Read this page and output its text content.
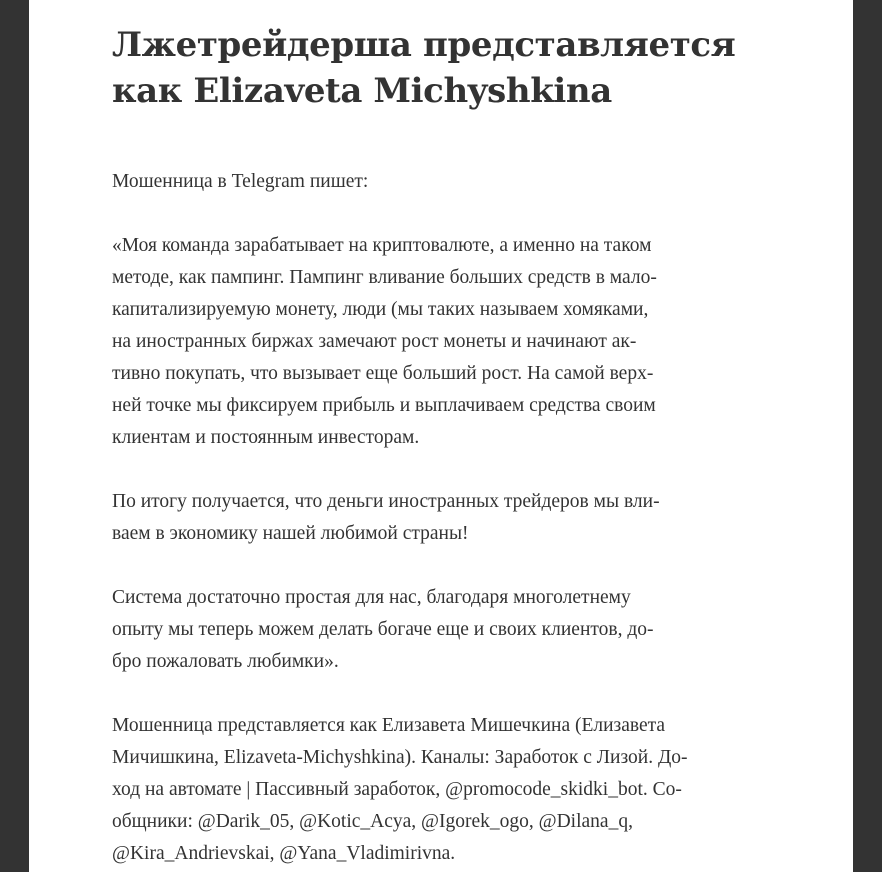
Лжетрейдерша представляется как Elizaveta Michyshkina

Мошенница в Telegram пишет:

«Моя команда зарабатывает на криптовалюте, а именно на таком
методе, как пампинг. Пампинг вливание больших средств в мало-
капитализируемую монету, люди (мы таких называем хомяками,
на иностранных биржах замечают рост монеты и начинают ак-
тивно покупать, что вызывает еще больший рост. На самой верх-
ней точке мы фиксируем прибыль и выплачиваем средства своим
клиентам и постоянным инвесторам.

По итогу получается, что деньги иностранных трейдеров мы вли-
ваем в экономику нашей любимой страны!

Система достаточно простая для нас, благодаря многолетнему
опыту мы теперь можем делать богаче еще и своих клиентов, до-
бро пожаловать любимки».

Мошенница представляется как Елизавета Мишечкина (Елизавета
Мичишкина, Elizaveta-Michyshkina). Каналы: Заработок с Лизой. До-
ход на автомате | Пассивный заработок, @promocode_skidki_bot. Со-
общники: @Darik_05, @Kotic_Acya, @Igorek_ogo, @Dilana_q,
@Kira_Andrievskai, @Yana_Vladimirivna.
